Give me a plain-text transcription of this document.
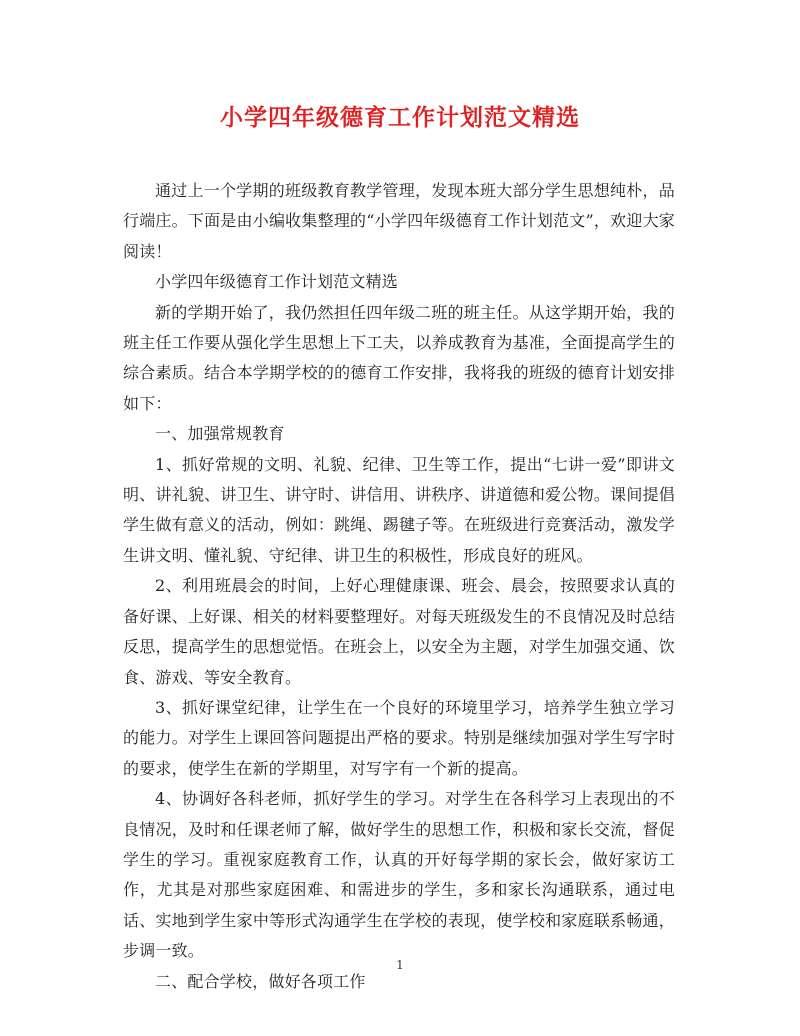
小学四年级德育工作计划范文精选

通过上一个学期的班级教育教学管理，发现本班大部分学生思想纯朴，品行端庄。下面是由小编收集整理的“小学四年级德育工作计划范文”，欢迎大家阅读！

小学四年级德育工作计划范文精选

新的学期开始了，我仍然担任四年级二班的班主任。从这学期开始，我的班主任工作要从强化学生思想上下工夫，以养成教育为基准，全面提高学生的综合素质。结合本学期学校的的德育工作安排，我将我的班级的德育计划安排如下：

一、加强常规教育

1、抓好常规的文明、礼貌、纪律、卫生等工作，提出“七讲一爱”即讲文明、讲礼貌、讲卫生、讲守时、讲信用、讲秩序、讲道德和爱公物。课间提倡学生做有意义的活动，例如：跳绳、踢毽子等。在班级进行竞赛活动，激发学生讲文明、懂礼貌、守纪律、讲卫生的积极性，形成良好的班风。

2、利用班晨会的时间，上好心理健康课、班会、晨会，按照要求认真的备好课、上好课、相关的材料要整理好。对每天班级发生的不良情况及时总结反思，提高学生的思想觉悟。在班会上，以安全为主题，对学生加强交通、饮食、游戏、等安全教育。

3、抓好课堂纪律，让学生在一个良好的环境里学习，培养学生独立学习的能力。对学生上课回答问题提出严格的要求。特别是继续加强对学生写字时的要求，使学生在新的学期里，对写字有一个新的提高。

4、协调好各科老师，抓好学生的学习。对学生在各科学习上表现出的不良情况，及时和任课老师了解，做好学生的思想工作，积极和家长交流，督促学生的学习。重视家庭教育工作，认真的开好每学期的家长会，做好家访工作，尤其是对那些家庭困难、和需进步的学生，多和家长沟通联系，通过电话、实地到学生家中等形式沟通学生在学校的表现，使学校和家庭联系畅通，步调一致。

二、配合学校，做好各项工作

1
